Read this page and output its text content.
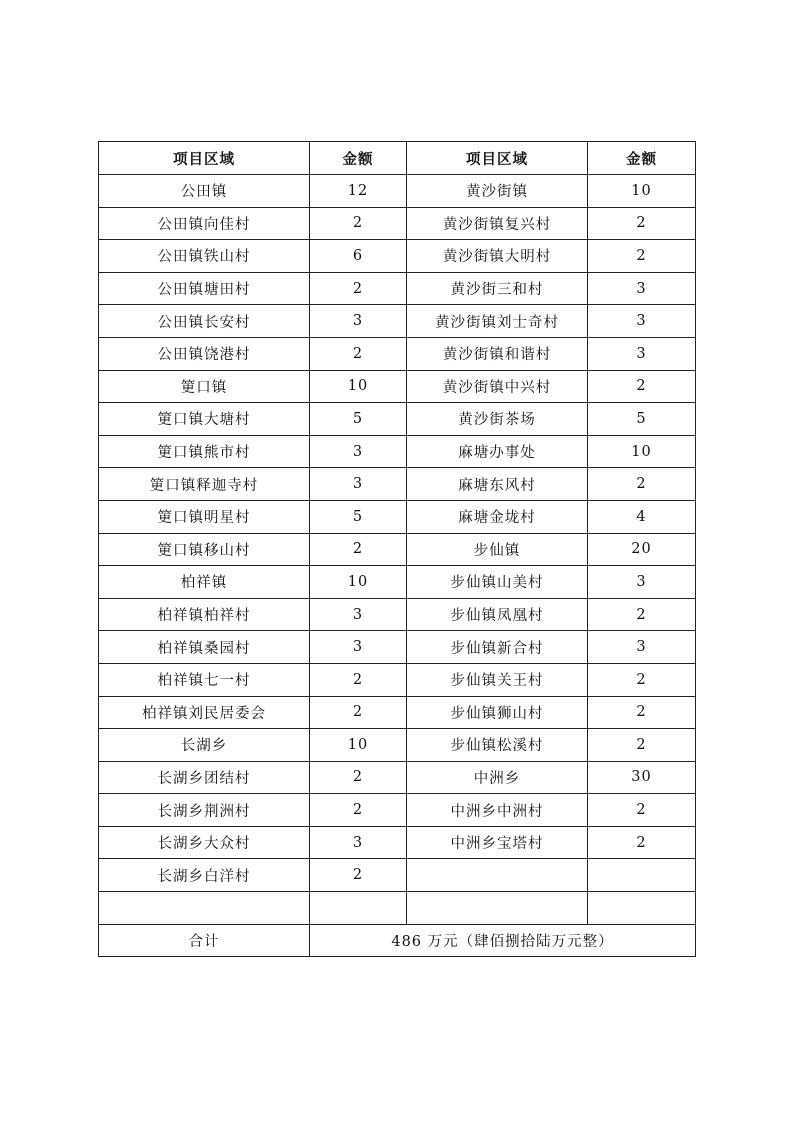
项目区域	金额	项目区域	金额
公田镇	12	黄沙街镇	10
公田镇向佳村	2	黄沙街镇复兴村	2
公田镇铁山村	6	黄沙街镇大明村	2
公田镇塘田村	2	黄沙街三和村	3
公田镇长安村	3	黄沙街镇刘士奇村	3
公田镇饶港村	2	黄沙街镇和谐村	3
筻口镇	10	黄沙街镇中兴村	2
筻口镇大塘村	5	黄沙街茶场	5
筻口镇熊市村	3	麻塘办事处	10
筻口镇释迦寺村	3	麻塘东风村	2
筻口镇明星村	5	麻塘金垅村	4
筻口镇移山村	2	步仙镇	20
柏祥镇	10	步仙镇山美村	3
柏祥镇柏祥村	3	步仙镇凤凰村	2
柏祥镇桑园村	3	步仙镇新合村	3
柏祥镇七一村	2	步仙镇关王村	2
柏祥镇刘民居委会	2	步仙镇狮山村	2
长湖乡	10	步仙镇松溪村	2
长湖乡团结村	2	中洲乡	30
长湖乡荆洲村	2	中洲乡中洲村	2
长湖乡大众村	3	中洲乡宝塔村	2
长湖乡白洋村	2		

合计	486 万元（肆佰捌拾陆万元整）		
